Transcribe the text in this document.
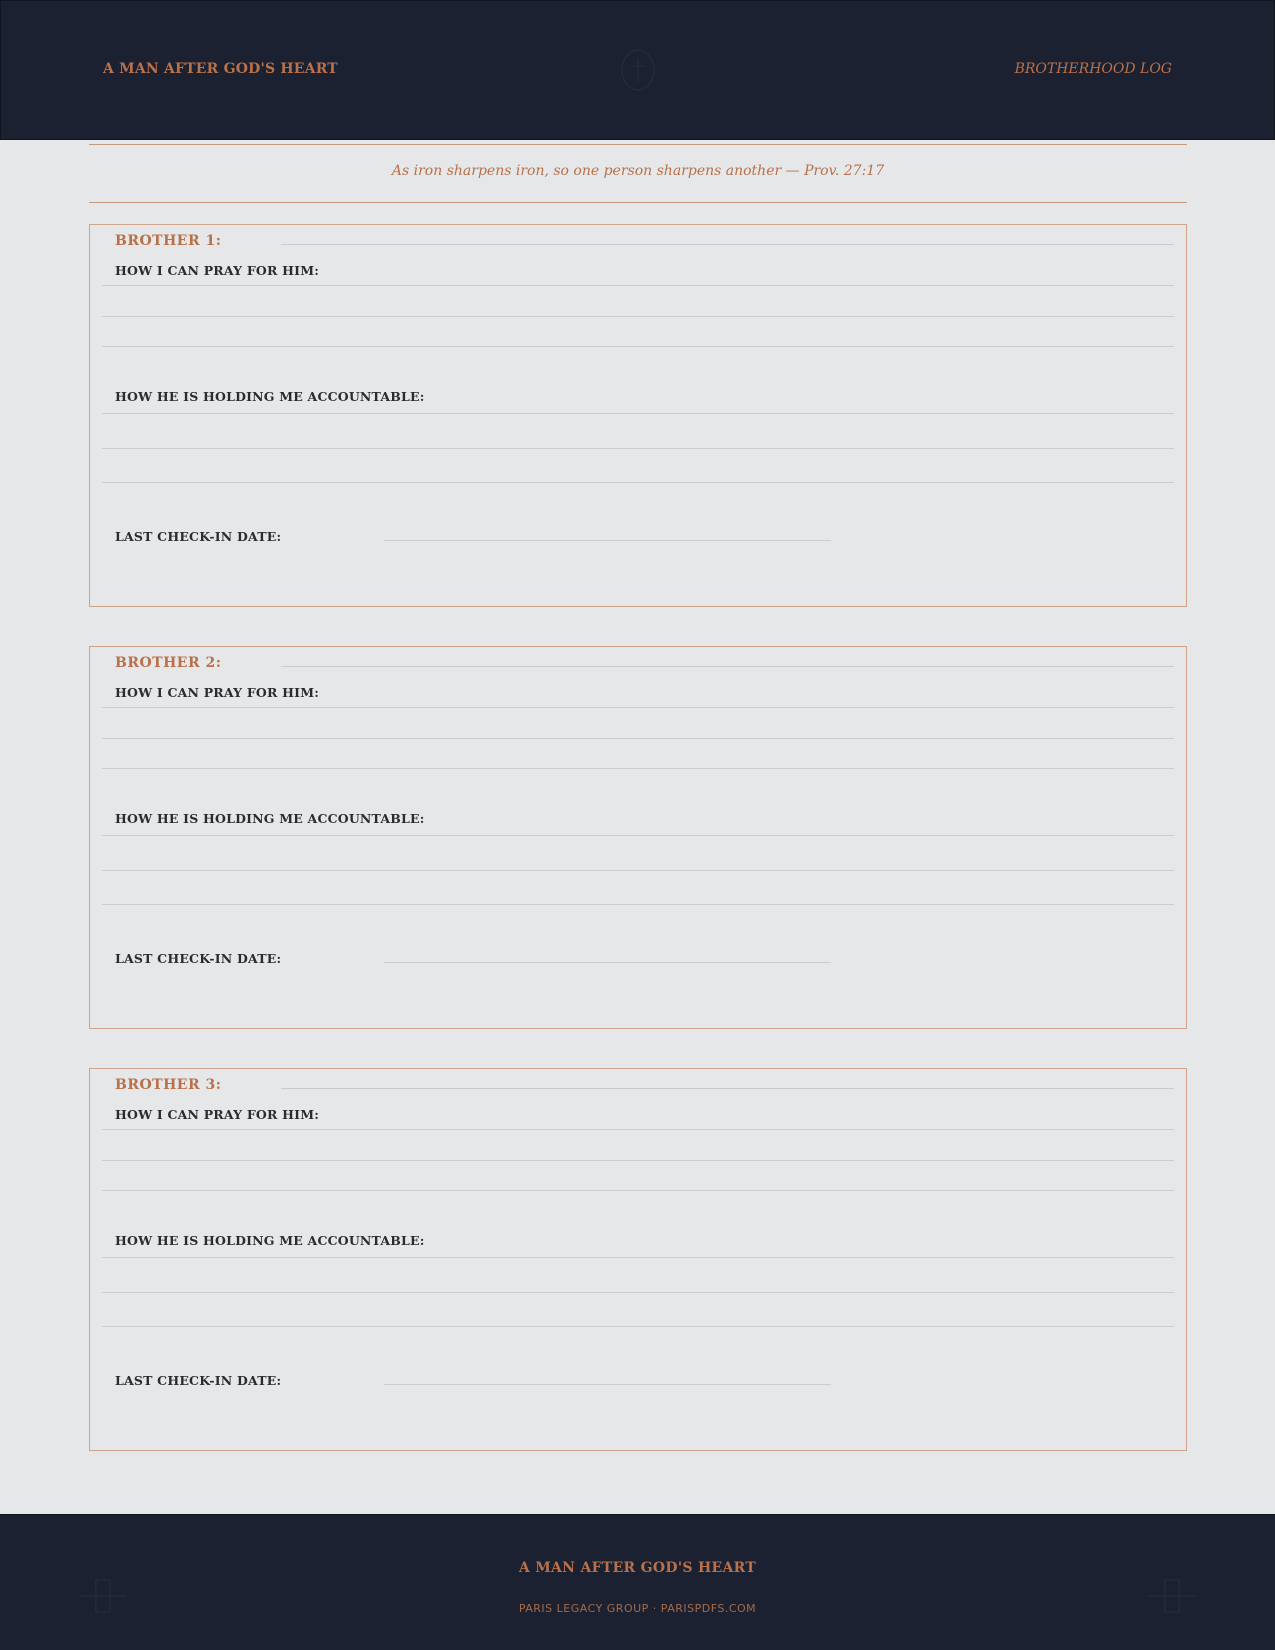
A MAN AFTER GOD'S HEART	BROTHERHOOD LOG
As iron sharpens iron, so one person sharpens another — Prov. 27:17
BROTHER 1:
HOW I CAN PRAY FOR HIM:
HOW HE IS HOLDING ME ACCOUNTABLE:
LAST CHECK-IN DATE:
BROTHER 2:
HOW I CAN PRAY FOR HIM:
HOW HE IS HOLDING ME ACCOUNTABLE:
LAST CHECK-IN DATE:
BROTHER 3:
HOW I CAN PRAY FOR HIM:
HOW HE IS HOLDING ME ACCOUNTABLE:
LAST CHECK-IN DATE:
A MAN AFTER GOD'S HEART
PARIS LEGACY GROUP · PARISPDFS.COM
